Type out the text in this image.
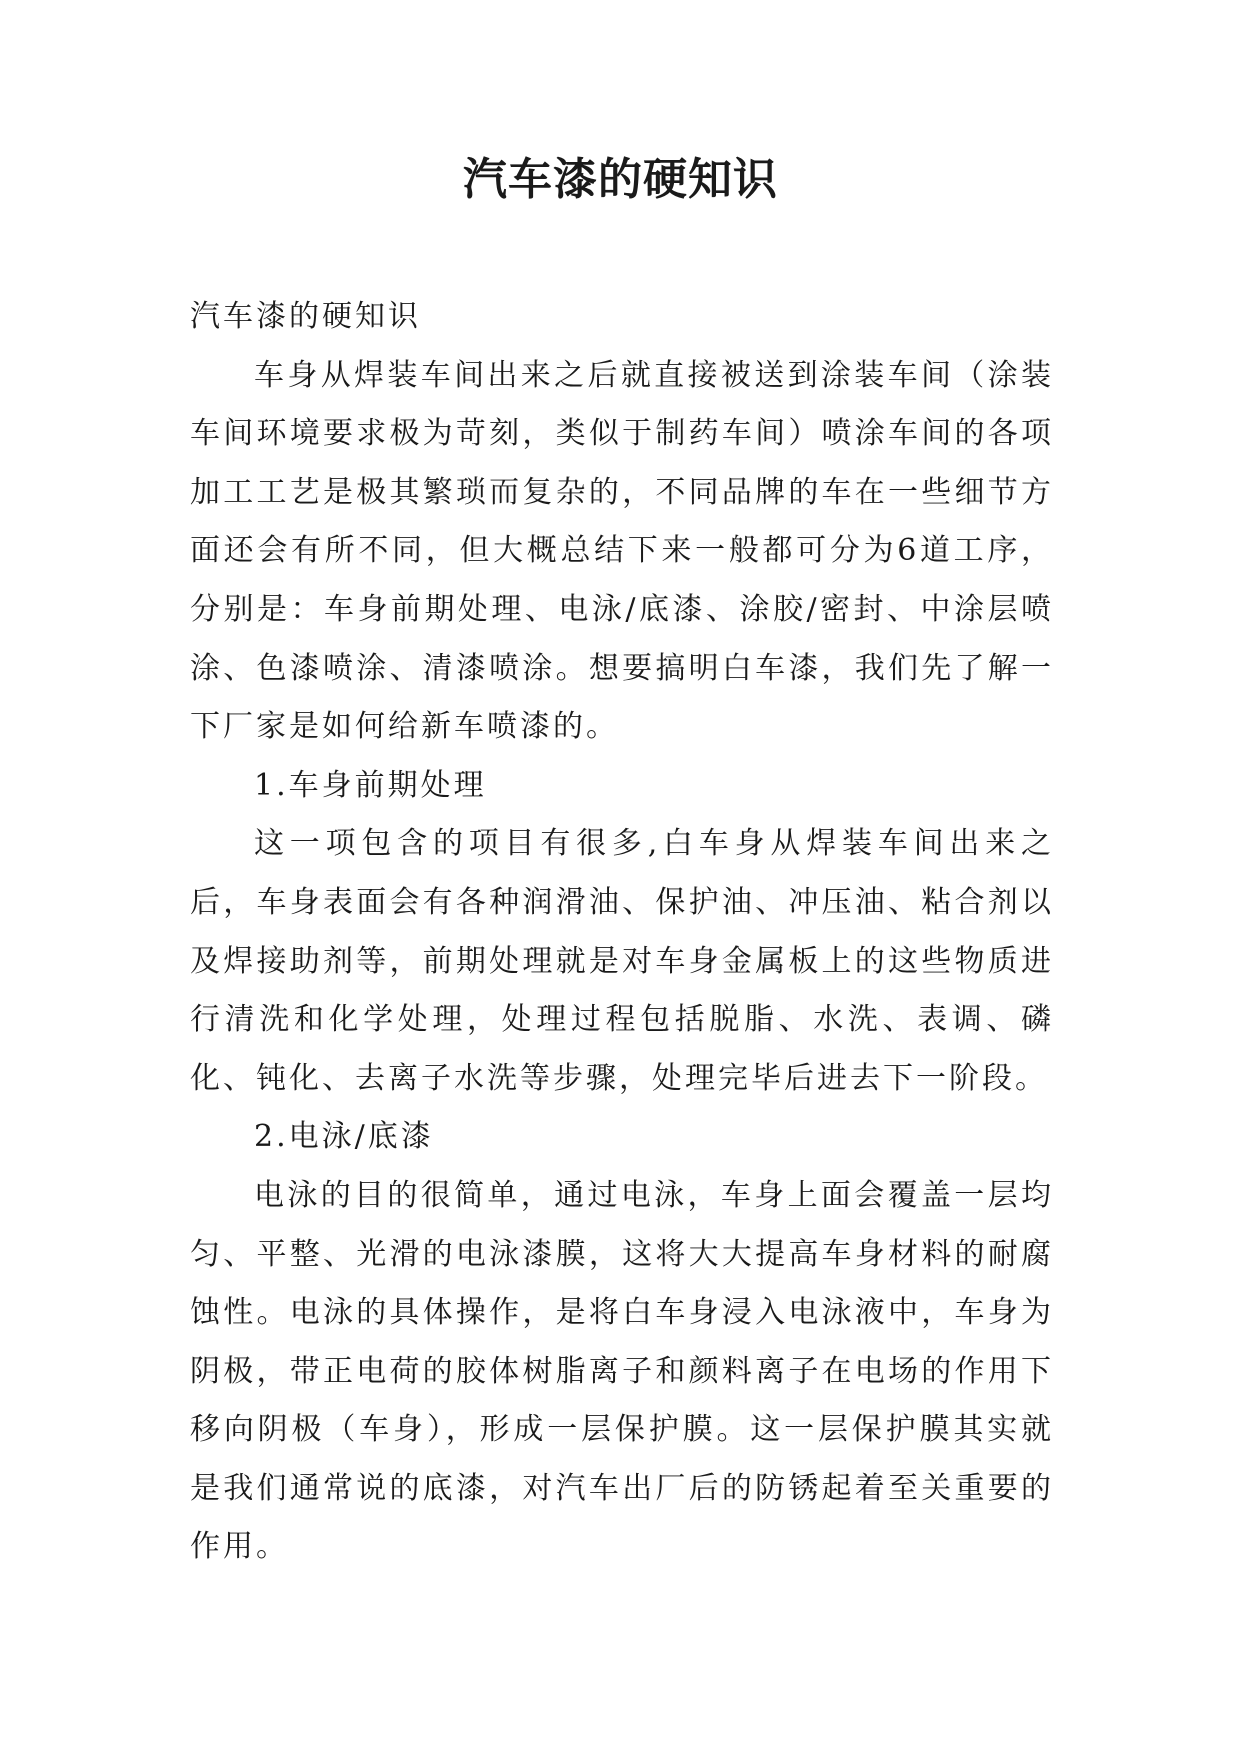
汽车漆的硬知识

汽车漆的硬知识

车身从焊装车间出来之后就直接被送到涂装车间（涂装车间环境要求极为苛刻，类似于制药车间）喷涂车间的各项加工工艺是极其繁琐而复杂的，不同品牌的车在一些细节方面还会有所不同，但大概总结下来一般都可分为6道工序，分别是：车身前期处理、电泳/底漆、涂胶/密封、中涂层喷涂、色漆喷涂、清漆喷涂。想要搞明白车漆，我们先了解一下厂家是如何给新车喷漆的。

1.车身前期处理

这一项包含的项目有很多,白车身从焊装车间出来之后，车身表面会有各种润滑油、保护油、冲压油、粘合剂以及焊接助剂等，前期处理就是对车身金属板上的这些物质进行清洗和化学处理，处理过程包括脱脂、水洗、表调、磷化、钝化、去离子水洗等步骤，处理完毕后进去下一阶段。

2.电泳/底漆

电泳的目的很简单，通过电泳，车身上面会覆盖一层均匀、平整、光滑的电泳漆膜，这将大大提高车身材料的耐腐蚀性。电泳的具体操作，是将白车身浸入电泳液中，车身为阴极，带正电荷的胶体树脂离子和颜料离子在电场的作用下移向阴极（车身），形成一层保护膜。这一层保护膜其实就是我们通常说的底漆，对汽车出厂后的防锈起着至关重要的作用。
